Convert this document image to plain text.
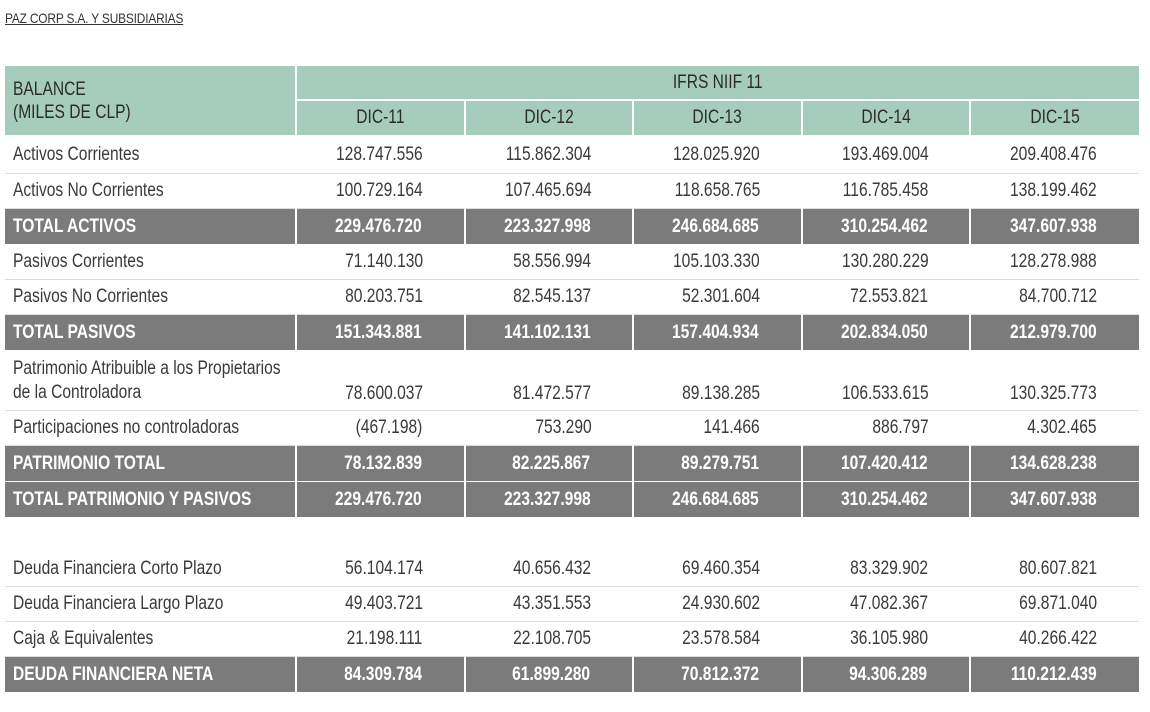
PAZ CORP S.A. Y SUBSIDIARIAS
BALANCE
(MILES DE CLP)	IFRS NIIF 11				
	DIC-11	DIC-12	DIC-13	DIC-14	DIC-15
Activos Corrientes	128.747.556	115.862.304	128.025.920	193.469.004	209.408.476
Activos No Corrientes	100.729.164	107.465.694	118.658.765	116.785.458	138.199.462
TOTAL ACTIVOS	229.476.720	223.327.998	246.684.685	310.254.462	347.607.938
Pasivos Corrientes	71.140.130	58.556.994	105.103.330	130.280.229	128.278.988
Pasivos No Corrientes	80.203.751	82.545.137	52.301.604	72.553.821	84.700.712
TOTAL PASIVOS	151.343.881	141.102.131	157.404.934	202.834.050	212.979.700
Patrimonio Atribuible a los Propietarios de la Controladora	78.600.037	81.472.577	89.138.285	106.533.615	130.325.773
Participaciones no controladoras	(467.198)	753.290	141.466	886.797	4.302.465
PATRIMONIO TOTAL	78.132.839	82.225.867	89.279.751	107.420.412	134.628.238
TOTAL PATRIMONIO Y PASIVOS	229.476.720	223.327.998	246.684.685	310.254.462	347.607.938

Deuda Financiera Corto Plazo	56.104.174	40.656.432	69.460.354	83.329.902	80.607.821
Deuda Financiera Largo Plazo	49.403.721	43.351.553	24.930.602	47.082.367	69.871.040
Caja & Equivalentes	21.198.111	22.108.705	23.578.584	36.105.980	40.266.422
DEUDA FINANCIERA NETA	84.309.784	61.899.280	70.812.372	94.306.289	110.212.439
